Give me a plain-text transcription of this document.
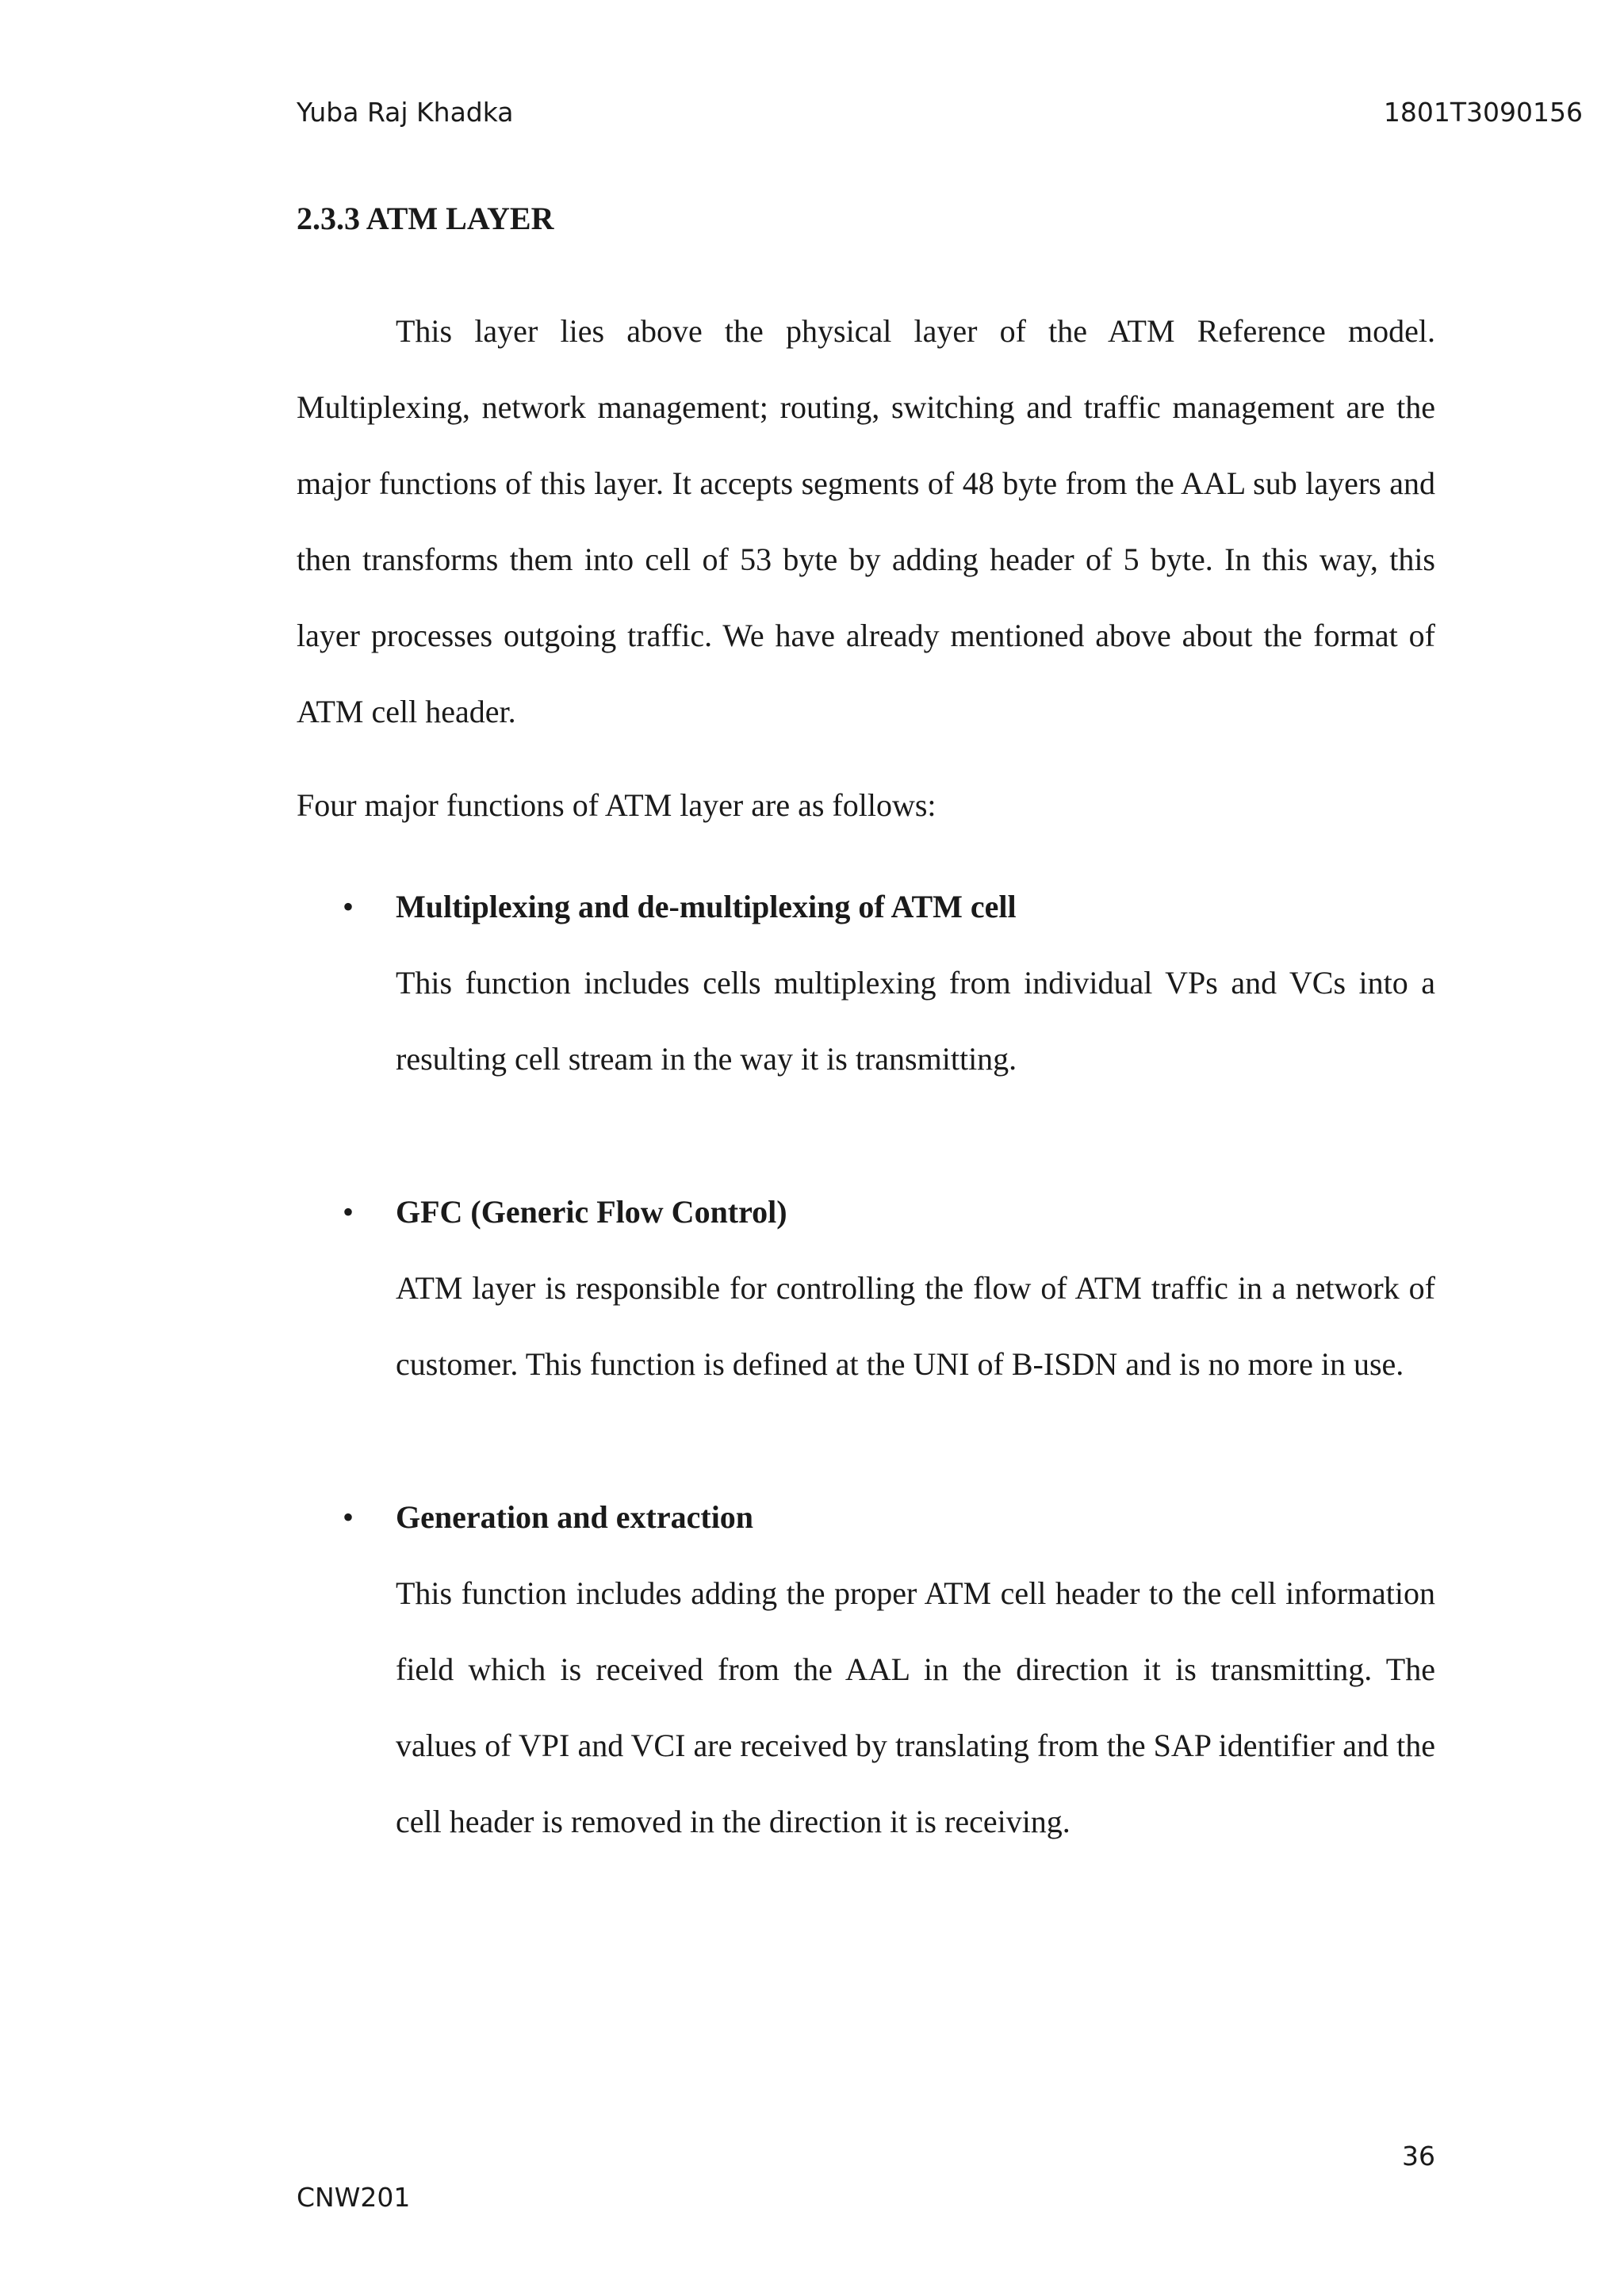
Yuba Raj Khadka	1801T3090156
2.3.3 ATM LAYER

This layer lies above the physical layer of the ATM Reference model. Multiplexing, network management; routing, switching and traffic management are the major functions of this layer. It accepts segments of 48 byte from the AAL sub layers and then transforms them into cell of 53 byte by adding header of 5 byte. In this way, this layer processes outgoing traffic. We have already mentioned above about the format of ATM cell header.

Four major functions of ATM layer are as follows:
• Multiplexing and de-multiplexing of ATM cell

This function includes cells multiplexing from individual VPs and VCs into a resulting cell stream in the way it is transmitting.

• GFC (Generic Flow Control)

ATM layer is responsible for controlling the flow of ATM traffic in a network of customer. This function is defined at the UNI of B-ISDN and is no more in use.

• Generation and extraction

This function includes adding the proper ATM cell header to the cell information field which is received from the AAL in the direction it is transmitting. The values of VPI and VCI are received by translating from the SAP identifier and the cell header is removed in the direction it is receiving.

36
CNW201
